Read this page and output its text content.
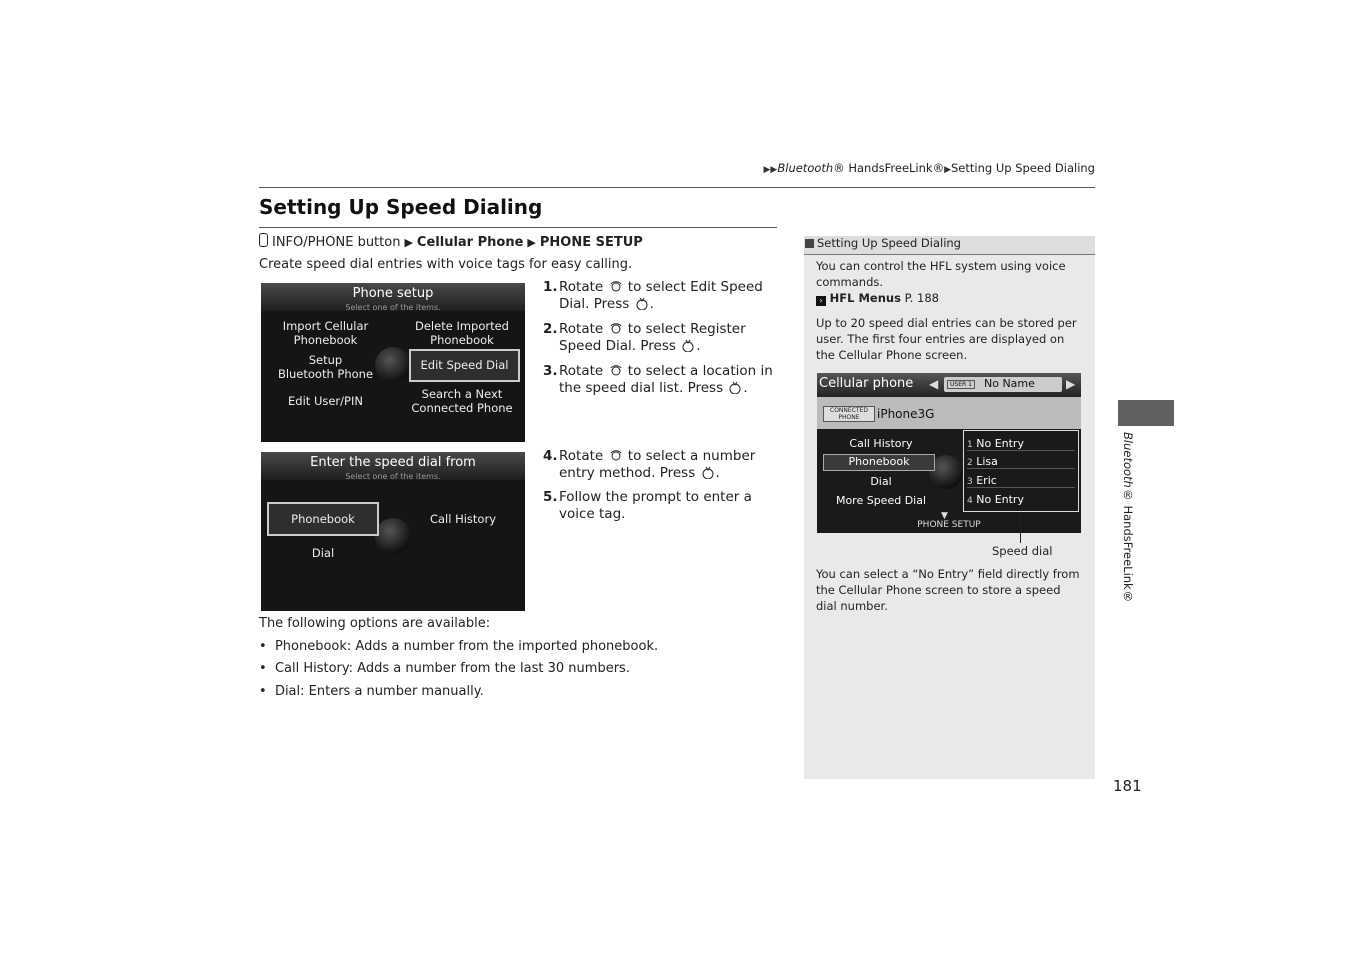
▶▶Bluetooth® HandsFreeLink®▶Setting Up Speed Dialing
Setting Up Speed Dialing
INFO/PHONE button ▶ Cellular Phone ▶ PHONE SETUP
Create speed dial entries with voice tags for easy calling.
Phone setup
Select one of the items.
Import Cellular Phonebook
Delete Imported Phonebook
Setup
Bluetooth Phone
Edit Speed Dial
Search a Next Connected Phone
Edit User/PIN
Enter the speed dial from
Select one of the items.
Phonebook	Call History
Dial
1. Rotate to select Edit Speed Dial. Press .
2. Rotate to select Register Speed Dial. Press .
3. Rotate to select a location in the speed dial list. Press .
4. Rotate to select a number entry method. Press .
5. Follow the prompt to enter a voice tag.
The following options are available:
•  Phonebook: Adds a number from the imported phonebook.
•  Call History: Adds a number from the last 30 numbers.
•  Dial: Enters a number manually.
Setting Up Speed Dialing

You can control the HFL system using voice commands.

› HFL Menus P. 188

Up to 20 speed dial entries can be stored per user. The first four entries are displayed on the Cellular Phone screen.

Speed dial

You can select a “No Entry” field directly from the Cellular Phone screen to store a speed dial number.

Cellular phone ◀	USER 1 No Name	▶
CONNECTED PHONE	iPhone3G
Call History
Phonebook
Dial
More Speed Dial
1 No Entry
2 Lisa
3 Eric
4 No Entry
▼
PHONE SETUP
181
Bluetooth® HandsFreeLink®
